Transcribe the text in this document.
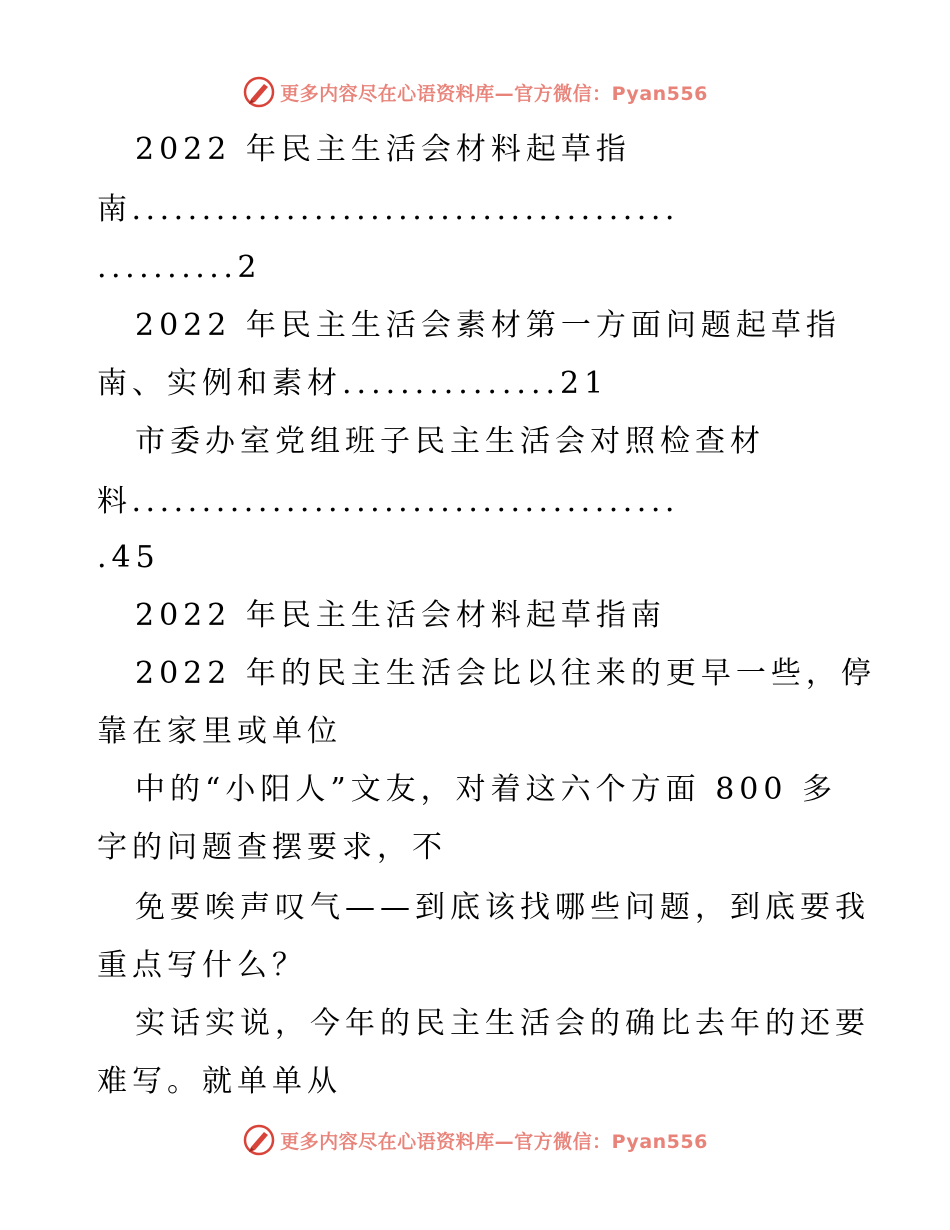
更多内容尽在心语资料库—官方微信：Pyan556
2022 年民主生活会材料起草指
南.......................................
..........2
2022 年民主生活会素材第一方面问题起草指
南、实例和素材...............21
市委办室党组班子民主生活会对照检查材
料.......................................
.45
2022 年民主生活会材料起草指南
2022 年的民主生活会比以往来的更早一些，停
靠在家里或单位
中的“小阳人”文友，对着这六个方面 800 多
字的问题查摆要求，不
免要唉声叹气——到底该找哪些问题，到底要我
重点写什么？
实话实说，今年的民主生活会的确比去年的还要
难写。就单单从
更多内容尽在心语资料库—官方微信：Pyan556
